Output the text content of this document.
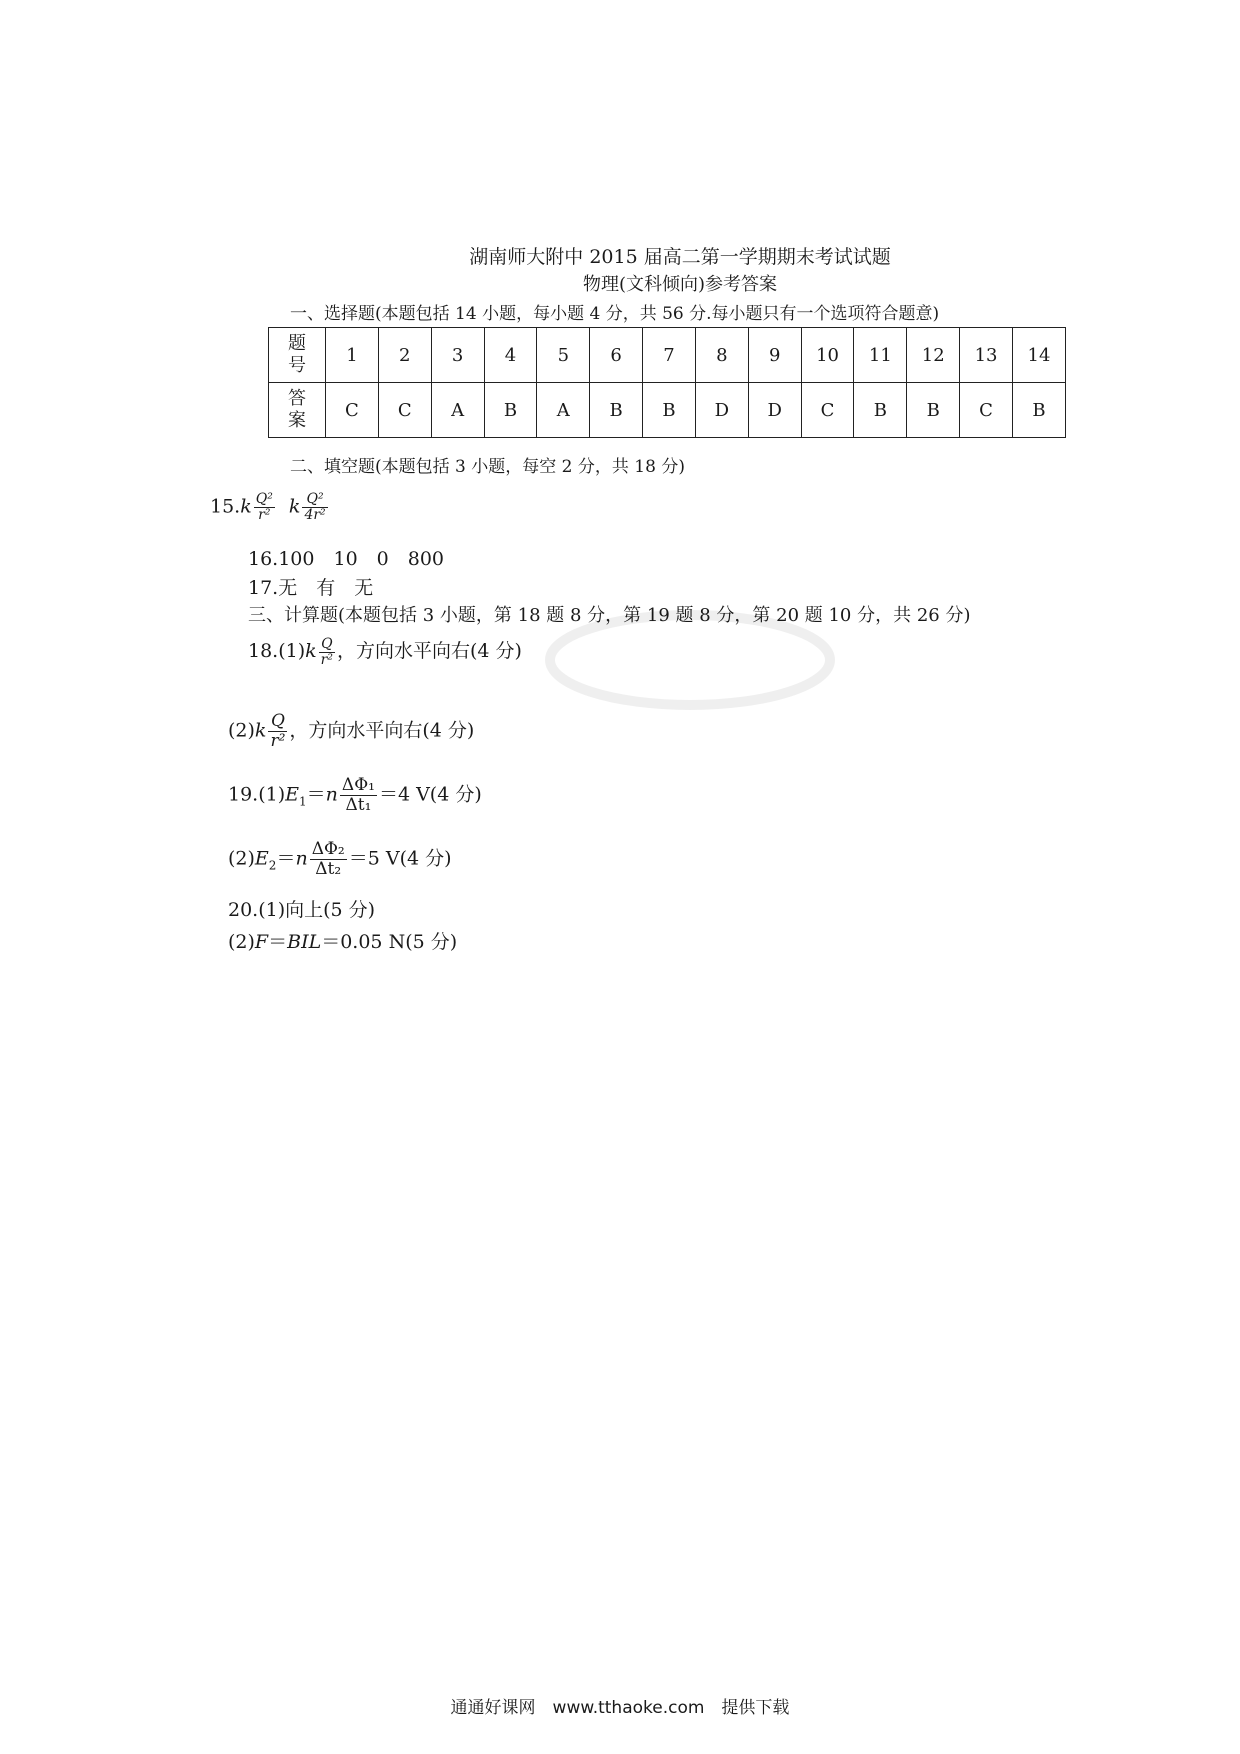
湖南师大附中 2015 届高二第一学期期末考试试题
物理(文科倾向)参考答案
一、选择题(本题包括 14 小题，每小题 4 分，共 56 分.每小题只有一个选项符合题意)
题
号	1	2	3	4	5	6	7	8	9	10	11	12	13	14

答
案	C	C	A	B	A	B	B	D	D	C	B	B	C	B
二、填空题(本题包括 3 小题，每空 2 分，共 18 分)
$15.k \frac{\text{Q²}}{\text{r²}}$ k $\frac{\text{Q²}}{\text{4r²}}$
16.100　10　0　800
17.无　有　无
三、计算题(本题包括 3 小题，第 18 题 8 分，第 19 题 8 分，第 20 题 10 分，共 26 分)
$18.(1)k \frac{Q}{\text{r²}}$ ，方向水平向右(4 分)
$(2)k \frac{Q}{\text{r²}}$ ，方向水平向右(4 分)
$19.(1)E_1=n \frac{\text{ΔΦ₁}}{\text{Δt₁}} =4$ V(4 分)
$(2)E_2=n \frac{\text{ΔΦ₂}}{\text{Δt₂}} =5$ V(4 分)
20.(1)向上(5 分)
(2)F＝BIL＝0.05 N(5 分)
通通好课网　www.tthaoke.com　提供下载
